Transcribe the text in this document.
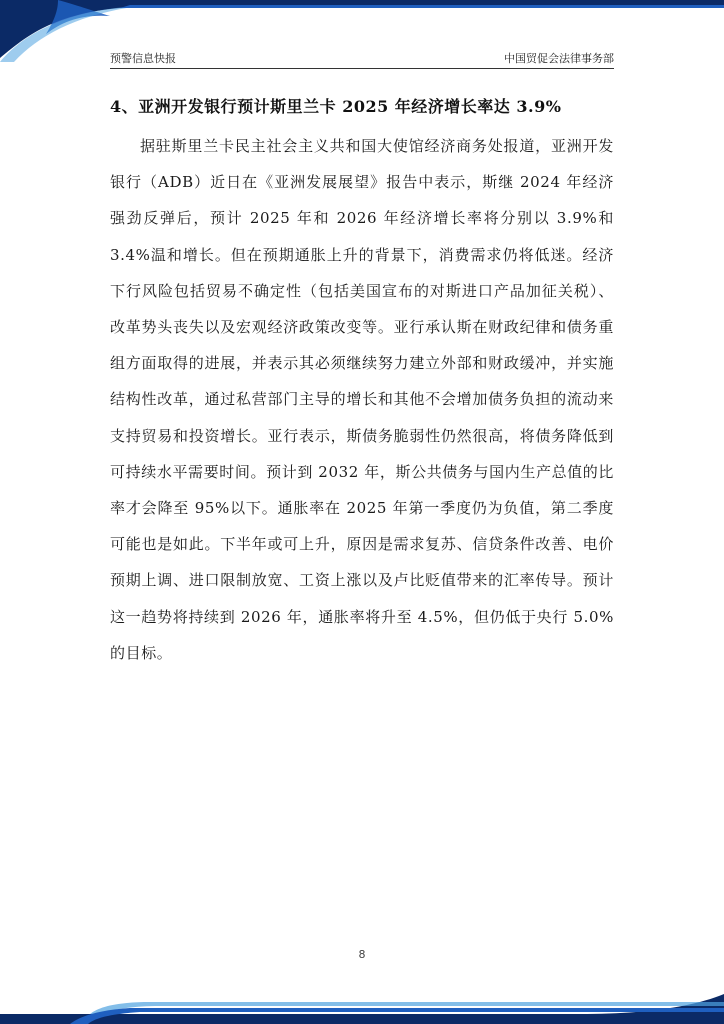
预警信息快报	中国贸促会法律事务部
4、亚洲开发银行预计斯里兰卡 2025 年经济增长率达 3.9%

据驻斯里兰卡民主社会主义共和国大使馆经济商务处报道，亚洲开发银行（ADB）近日在《亚洲发展展望》报告中表示，斯继 2024 年经济强劲反弹后，预计 2025 年和 2026 年经济增长率将分别以 3.9%和 3.4%温和增长。但在预期通胀上升的背景下，消费需求仍将低迷。经济下行风险包括贸易不确定性（包括美国宣布的对斯进口产品加征关税）、改革势头丧失以及宏观经济政策改变等。亚行承认斯在财政纪律和债务重组方面取得的进展，并表示其必须继续努力建立外部和财政缓冲，并实施结构性改革，通过私营部门主导的增长和其他不会增加债务负担的流动来支持贸易和投资增长。亚行表示，斯债务脆弱性仍然很高，将债务降低到可持续水平需要时间。预计到 2032 年，斯公共债务与国内生产总值的比率才会降至 95%以下。通胀率在 2025 年第一季度仍为负值，第二季度可能也是如此。下半年或可上升，原因是需求复苏、信贷条件改善、电价预期上调、进口限制放宽、工资上涨以及卢比贬值带来的汇率传导。预计这一趋势将持续到 2026 年，通胀率将升至 4.5%，但仍低于央行 5.0%的目标。

8
